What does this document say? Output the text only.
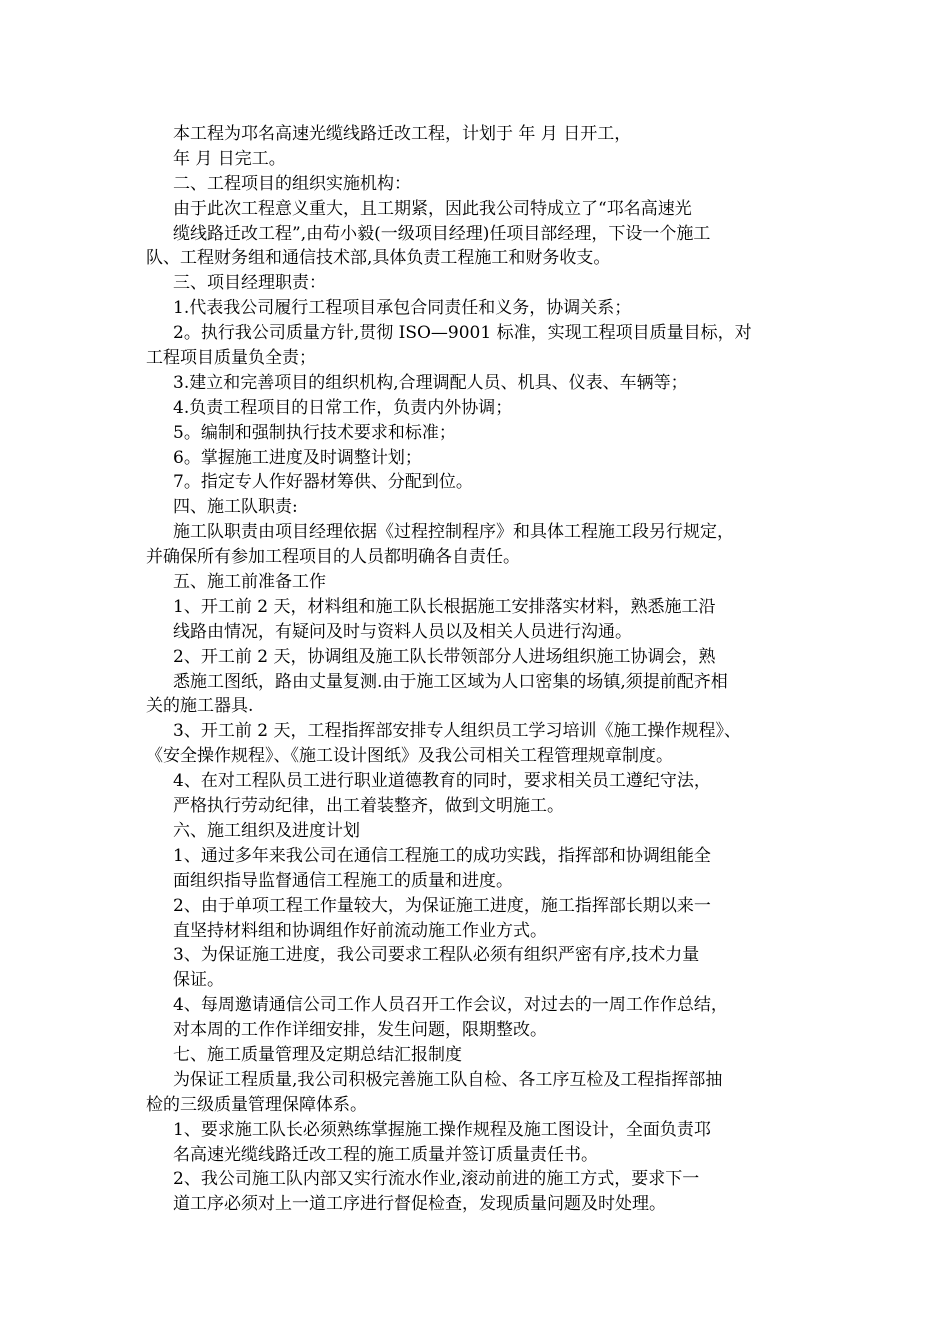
本工程为邛名高速光缆线路迁改工程，计划于 年 月 日开工，
年 月 日完工。
二、工程项目的组织实施机构：
由于此次工程意义重大，且工期紧，因此我公司特成立了“邛名高速光
缆线路迁改工程”,由苟小毅(一级项目经理)任项目部经理，下设一个施工
队、工程财务组和通信技术部,具体负责工程施工和财务收支。
三、项目经理职责：
1.代表我公司履行工程项目承包合同责任和义务，协调关系；
2。执行我公司质量方针,贯彻 ISO—9001 标准，实现工程项目质量目标，对
工程项目质量负全责；
3.建立和完善项目的组织机构,合理调配人员、机具、仪表、车辆等；
4.负责工程项目的日常工作，负责内外协调；
5。编制和强制执行技术要求和标准；
6。掌握施工进度及时调整计划；
7。指定专人作好器材筹供、分配到位。
四、施工队职责:
施工队职责由项目经理依据《过程控制程序》和具体工程施工段另行规定，
并确保所有参加工程项目的人员都明确各自责任。
五、施工前准备工作
1、开工前 2 天，材料组和施工队长根据施工安排落实材料，熟悉施工沿
线路由情况，有疑问及时与资料人员以及相关人员进行沟通。
2、开工前 2 天，协调组及施工队长带领部分人进场组织施工协调会，熟
悉施工图纸，路由丈量复测.由于施工区域为人口密集的场镇,须提前配齐相
关的施工器具.
3、开工前 2 天，工程指挥部安排专人组织员工学习培训《施工操作规程》、
《安全操作规程》、《施工设计图纸》及我公司相关工程管理规章制度。
4、在对工程队员工进行职业道德教育的同时，要求相关员工遵纪守法，
严格执行劳动纪律，出工着装整齐，做到文明施工。
六、施工组织及进度计划
1、通过多年来我公司在通信工程施工的成功实践，指挥部和协调组能全
面组织指导监督通信工程施工的质量和进度。
2、由于单项工程工作量较大，为保证施工进度，施工指挥部长期以来一
直坚持材料组和协调组作好前流动施工作业方式。
3、为保证施工进度，我公司要求工程队必须有组织严密有序,技术力量
保证。
4、每周邀请通信公司工作人员召开工作会议，对过去的一周工作作总结，
对本周的工作作详细安排，发生问题，限期整改。
七、施工质量管理及定期总结汇报制度
为保证工程质量,我公司积极完善施工队自检、各工序互检及工程指挥部抽
检的三级质量管理保障体系。
1、要求施工队长必须熟练掌握施工操作规程及施工图设计，全面负责邛
名高速光缆线路迁改工程的施工质量并签订质量责任书。
2、我公司施工队内部又实行流水作业,滚动前进的施工方式，要求下一
道工序必须对上一道工序进行督促检查，发现质量问题及时处理。
